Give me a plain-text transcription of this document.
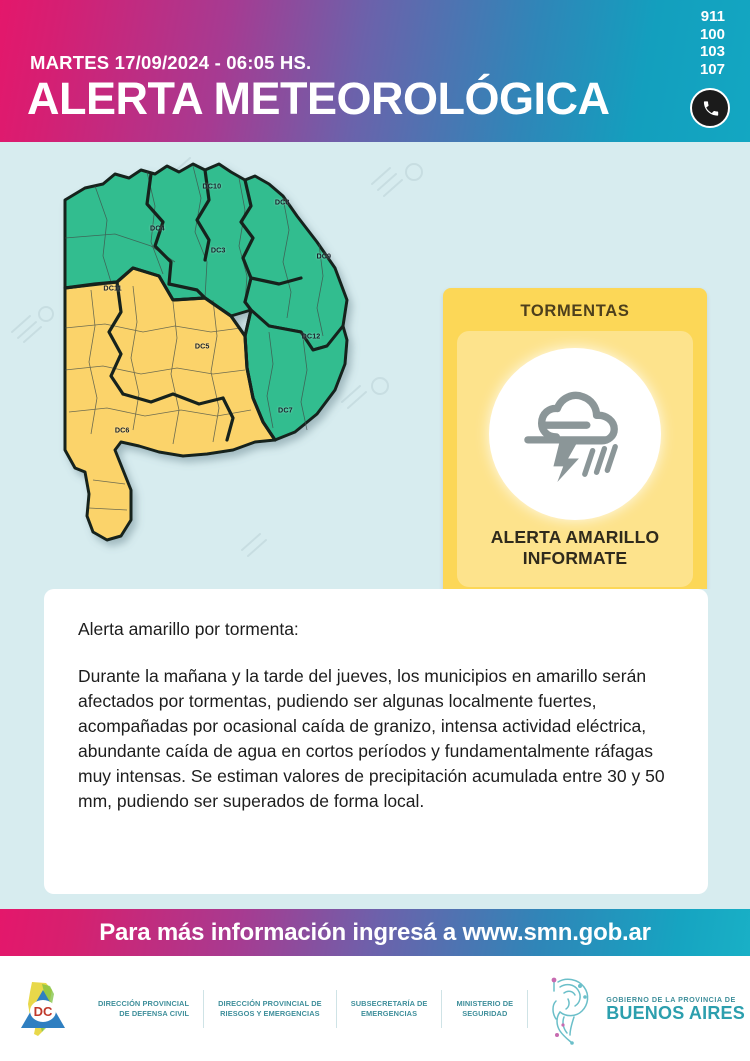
MARTES 17/09/2024 - 06:05 HS.
ALERTA METEOROLÓGICA
911
100
103
107
DC10
DC8
DC4
DC3
DC9
DC11
DC12
DC5
DC7
DC6
TORMENTAS
ALERTA AMARILLO
INFORMATE
Alerta amarillo por tormenta:
Durante la mañana y la tarde del jueves, los municipios en amarillo serán afectados por tormentas, pudiendo ser algunas localmente fuertes, acompañadas por ocasional caída de granizo, intensa actividad eléctrica, abundante caída de agua en cortos períodos y fundamentalmente ráfagas muy intensas. Se estiman valores de precipitación acumulada entre 30 y 50 mm, pudiendo ser superados de forma local.
Para más información ingresá a www.smn.gob.ar
DC
DIRECCIÓN PROVINCIAL
DE DEFENSA CIVIL
DIRECCIÓN PROVINCIAL DE
RIESGOS Y EMERGENCIAS
SUBSECRETARÍA DE
EMERGENCIAS
MINISTERIO DE
SEGURIDAD
GOBIERNO DE LA PROVINCIA DE
BUENOS AIRES
